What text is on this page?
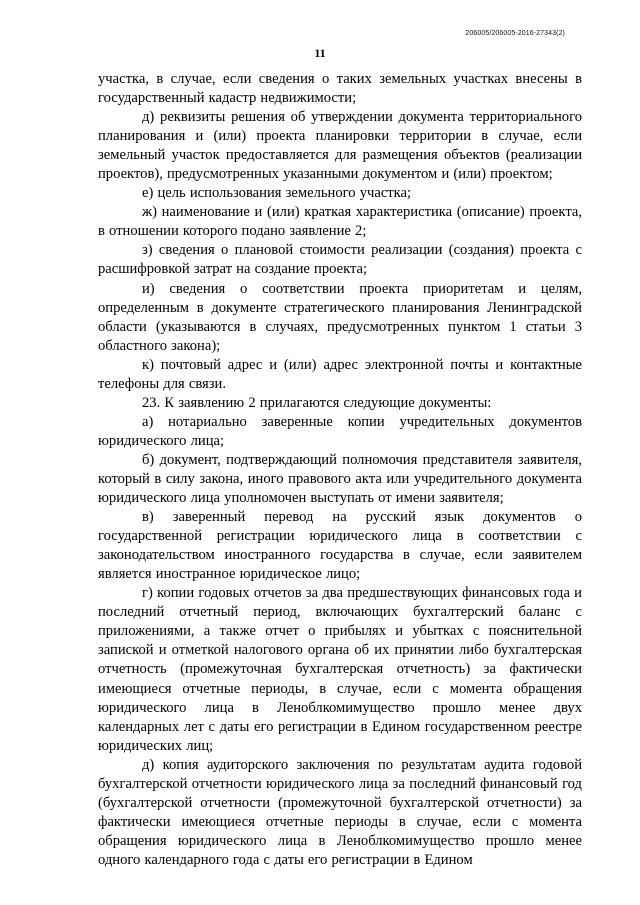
206005/206005-2016-27343(2)
11

участка, в случае, если сведения о таких земельных участках внесены в государственный кадастр недвижимости;

д) реквизиты решения об утверждении документа территориального планирования и (или) проекта планировки территории в случае, если земельный участок предоставляется для размещения объектов (реализации проектов), предусмотренных указанными документом и (или) проектом;

е) цель использования земельного участка;

ж) наименование и (или) краткая характеристика (описание) проекта, в отношении которого подано заявление 2;

з) сведения о плановой стоимости реализации (создания) проекта с расшифровкой затрат на создание проекта;

и) сведения о соответствии проекта приоритетам и целям, определенным в документе стратегического планирования Ленинградской области (указываются в случаях, предусмотренных пунктом 1 статьи 3 областного закона);

к) почтовый адрес и (или) адрес электронной почты и контактные телефоны для связи.

23. К заявлению 2 прилагаются следующие документы:

а) нотариально заверенные копии учредительных документов юридического лица;

б) документ, подтверждающий полномочия представителя заявителя, который в силу закона, иного правового акта или учредительного документа юридического лица уполномочен выступать от имени заявителя;

в) заверенный перевод на русский язык документов о государственной регистрации юридического лица в соответствии с законодательством иностранного государства в случае, если заявителем является иностранное юридическое лицо;

г) копии годовых отчетов за два предшествующих финансовых года и последний отчетный период, включающих бухгалтерский баланс с приложениями, а также отчет о прибылях и убытках с пояснительной запиской и отметкой налогового органа об их принятии либо бухгалтерская отчетность (промежуточная бухгалтерская отчетность) за фактически имеющиеся отчетные периоды, в случае, если с момента обращения юридического лица в Леноблкомимущество прошло менее двух календарных лет с даты его регистрации в Едином государственном реестре юридических лиц;

д) копия аудиторского заключения по результатам аудита годовой бухгалтерской отчетности юридического лица за последний финансовый год (бухгалтерской отчетности (промежуточной бухгалтерской отчетности) за фактически имеющиеся отчетные периоды в случае, если с момента обращения юридического лица в Леноблкомимущество прошло менее одного календарного года с даты его регистрации в Едином
